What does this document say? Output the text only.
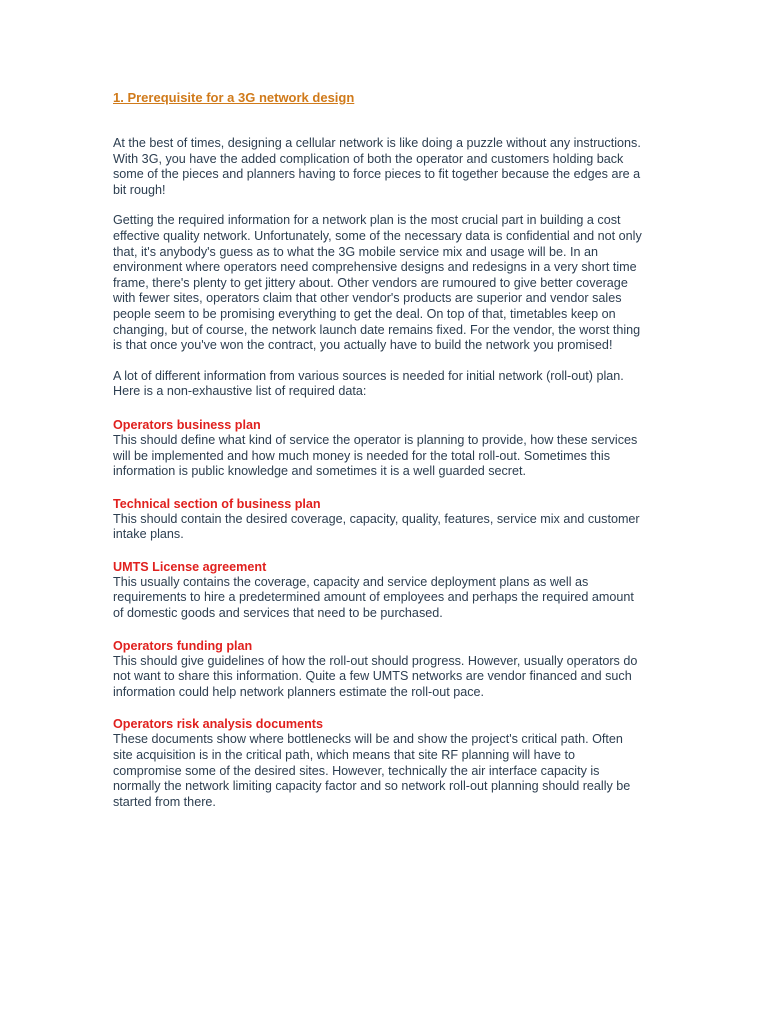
1. Prerequisite for a 3G network design

At the best of times, designing a cellular network is like doing a puzzle without any instructions. With 3G, you have the added complication of both the operator and customers holding back some of the pieces and planners having to force pieces to fit together because the edges are a bit rough!

Getting the required information for a network plan is the most crucial part in building a cost effective quality network. Unfortunately, some of the necessary data is confidential and not only that, it's anybody's guess as to what the 3G mobile service mix and usage will be. In an environment where operators need comprehensive designs and redesigns in a very short time frame, there's plenty to get jittery about. Other vendors are rumoured to give better coverage with fewer sites, operators claim that other vendor's products are superior and vendor sales people seem to be promising everything to get the deal. On top of that, timetables keep on changing, but of course, the network launch date remains fixed. For the vendor, the worst thing is that once you've won the contract, you actually have to build the network you promised!

A lot of different information from various sources is needed for initial network (roll-out) plan. Here is a non-exhaustive list of required data:

Operators business plan
This should define what kind of service the operator is planning to provide, how these services will be implemented and how much money is needed for the total roll-out. Sometimes this information is public knowledge and sometimes it is a well guarded secret.
Technical section of business plan
This should contain the desired coverage, capacity, quality, features, service mix and customer intake plans.
UMTS License agreement
This usually contains the coverage, capacity and service deployment plans as well as requirements to hire a predetermined amount of employees and perhaps the required amount of domestic goods and services that need to be purchased.
Operators funding plan
This should give guidelines of how the roll-out should progress. However, usually operators do not want to share this information. Quite a few UMTS networks are vendor financed and such information could help network planners estimate the roll-out pace.
Operators risk analysis documents
These documents show where bottlenecks will be and show the project's critical path. Often site acquisition is in the critical path, which means that site RF planning will have to compromise some of the desired sites. However, technically the air interface capacity is normally the network limiting capacity factor and so network roll-out planning should really be started from there.
